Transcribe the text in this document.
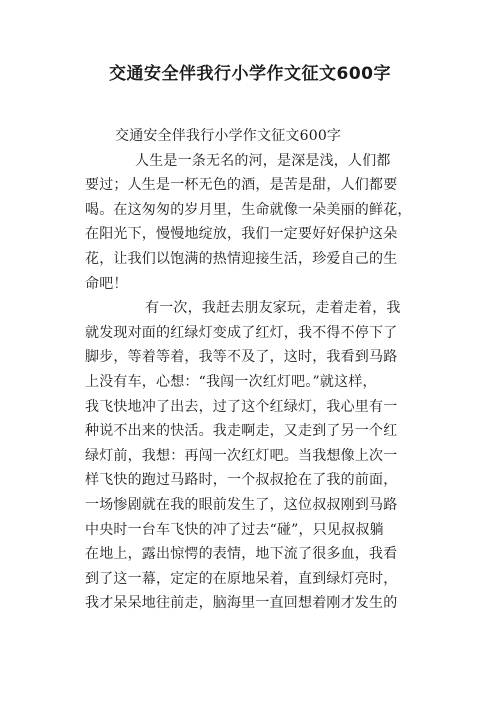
交通安全伴我行小学作文征文600字
交通安全伴我行小学作文征文600字
人生是一条无名的河，是深是浅，人们都
要过；人生是一杯无色的酒，是苦是甜，人们都要
喝。在这匆匆的岁月里，生命就像一朵美丽的鲜花，
在阳光下，慢慢地绽放，我们一定要好好保护这朵
花，让我们以饱满的热情迎接生活，珍爱自己的生
命吧！
有一次，我赶去朋友家玩，走着走着，我
就发现对面的红绿灯变成了红灯，我不得不停下了
脚步，等着等着，我等不及了，这时，我看到马路
上没有车，心想：“我闯一次红灯吧。”就这样，
我飞快地冲了出去，过了这个红绿灯，我心里有一
种说不出来的快活。我走啊走，又走到了另一个红
绿灯前，我想：再闯一次红灯吧。当我想像上次一
样飞快的跑过马路时，一个叔叔抢在了我的前面，
一场惨剧就在我的眼前发生了，这位叔叔刚到马路
中央时一台车飞快的冲了过去“碰”，只见叔叔躺
在地上，露出惊愕的表情，地下流了很多血，我看
到了这一幕，定定的在原地呆着，直到绿灯亮时，
我才呆呆地往前走，脑海里一直回想着刚才发生的
